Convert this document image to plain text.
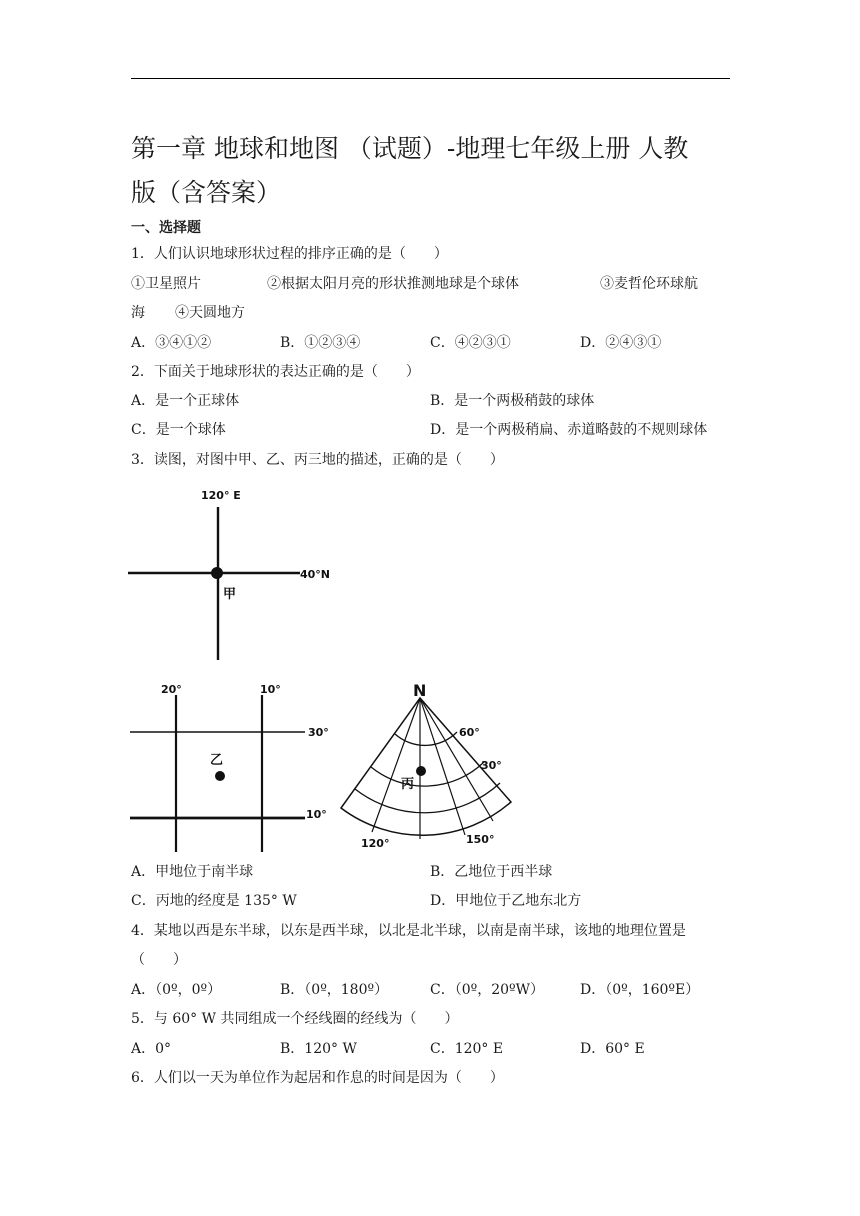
第一章 地球和地图 （试题）-地理七年级上册 人教
版（含答案）
一、选择题
1．人们认识地球形状过程的排序正确的是（　　）
①卫星照片	②根据太阳月亮的形状推测地球是个球体	③麦哲伦环球航
海 ④天圆地方
A．③④①②	B．①②③④	C．④②③①	D．②④③①
2．下面关于地球形状的表达正确的是（　　）
A．是一个正球体	B．是一个两极稍鼓的球体
C．是一个球体	D．是一个两极稍扁、赤道略鼓的不规则球体
3．读图，对图中甲、乙、丙三地的描述，正确的是（　　）
120° E
40°N
甲
20°	10°
30°
10°
乙
N
60°
30°
120°	150°
丙
A．甲地位于南半球	B．乙地位于西半球
C．丙地的经度是 135° W	D．甲地位于乙地东北方
4．某地以西是东半球，以东是西半球，以北是北半球，以南是南半球，该地的地理位置是
（　　）
A．（0º，0º）	B．（0º，180º）	C．（0º，20ºW）	D．（0º，160ºE）
5．与 60° W 共同组成一个经线圈的经线为（　　）
A．0°	B．120° W	C．120° E	D．60° E
6．人们以一天为单位作为起居和作息的时间是因为（　　）
